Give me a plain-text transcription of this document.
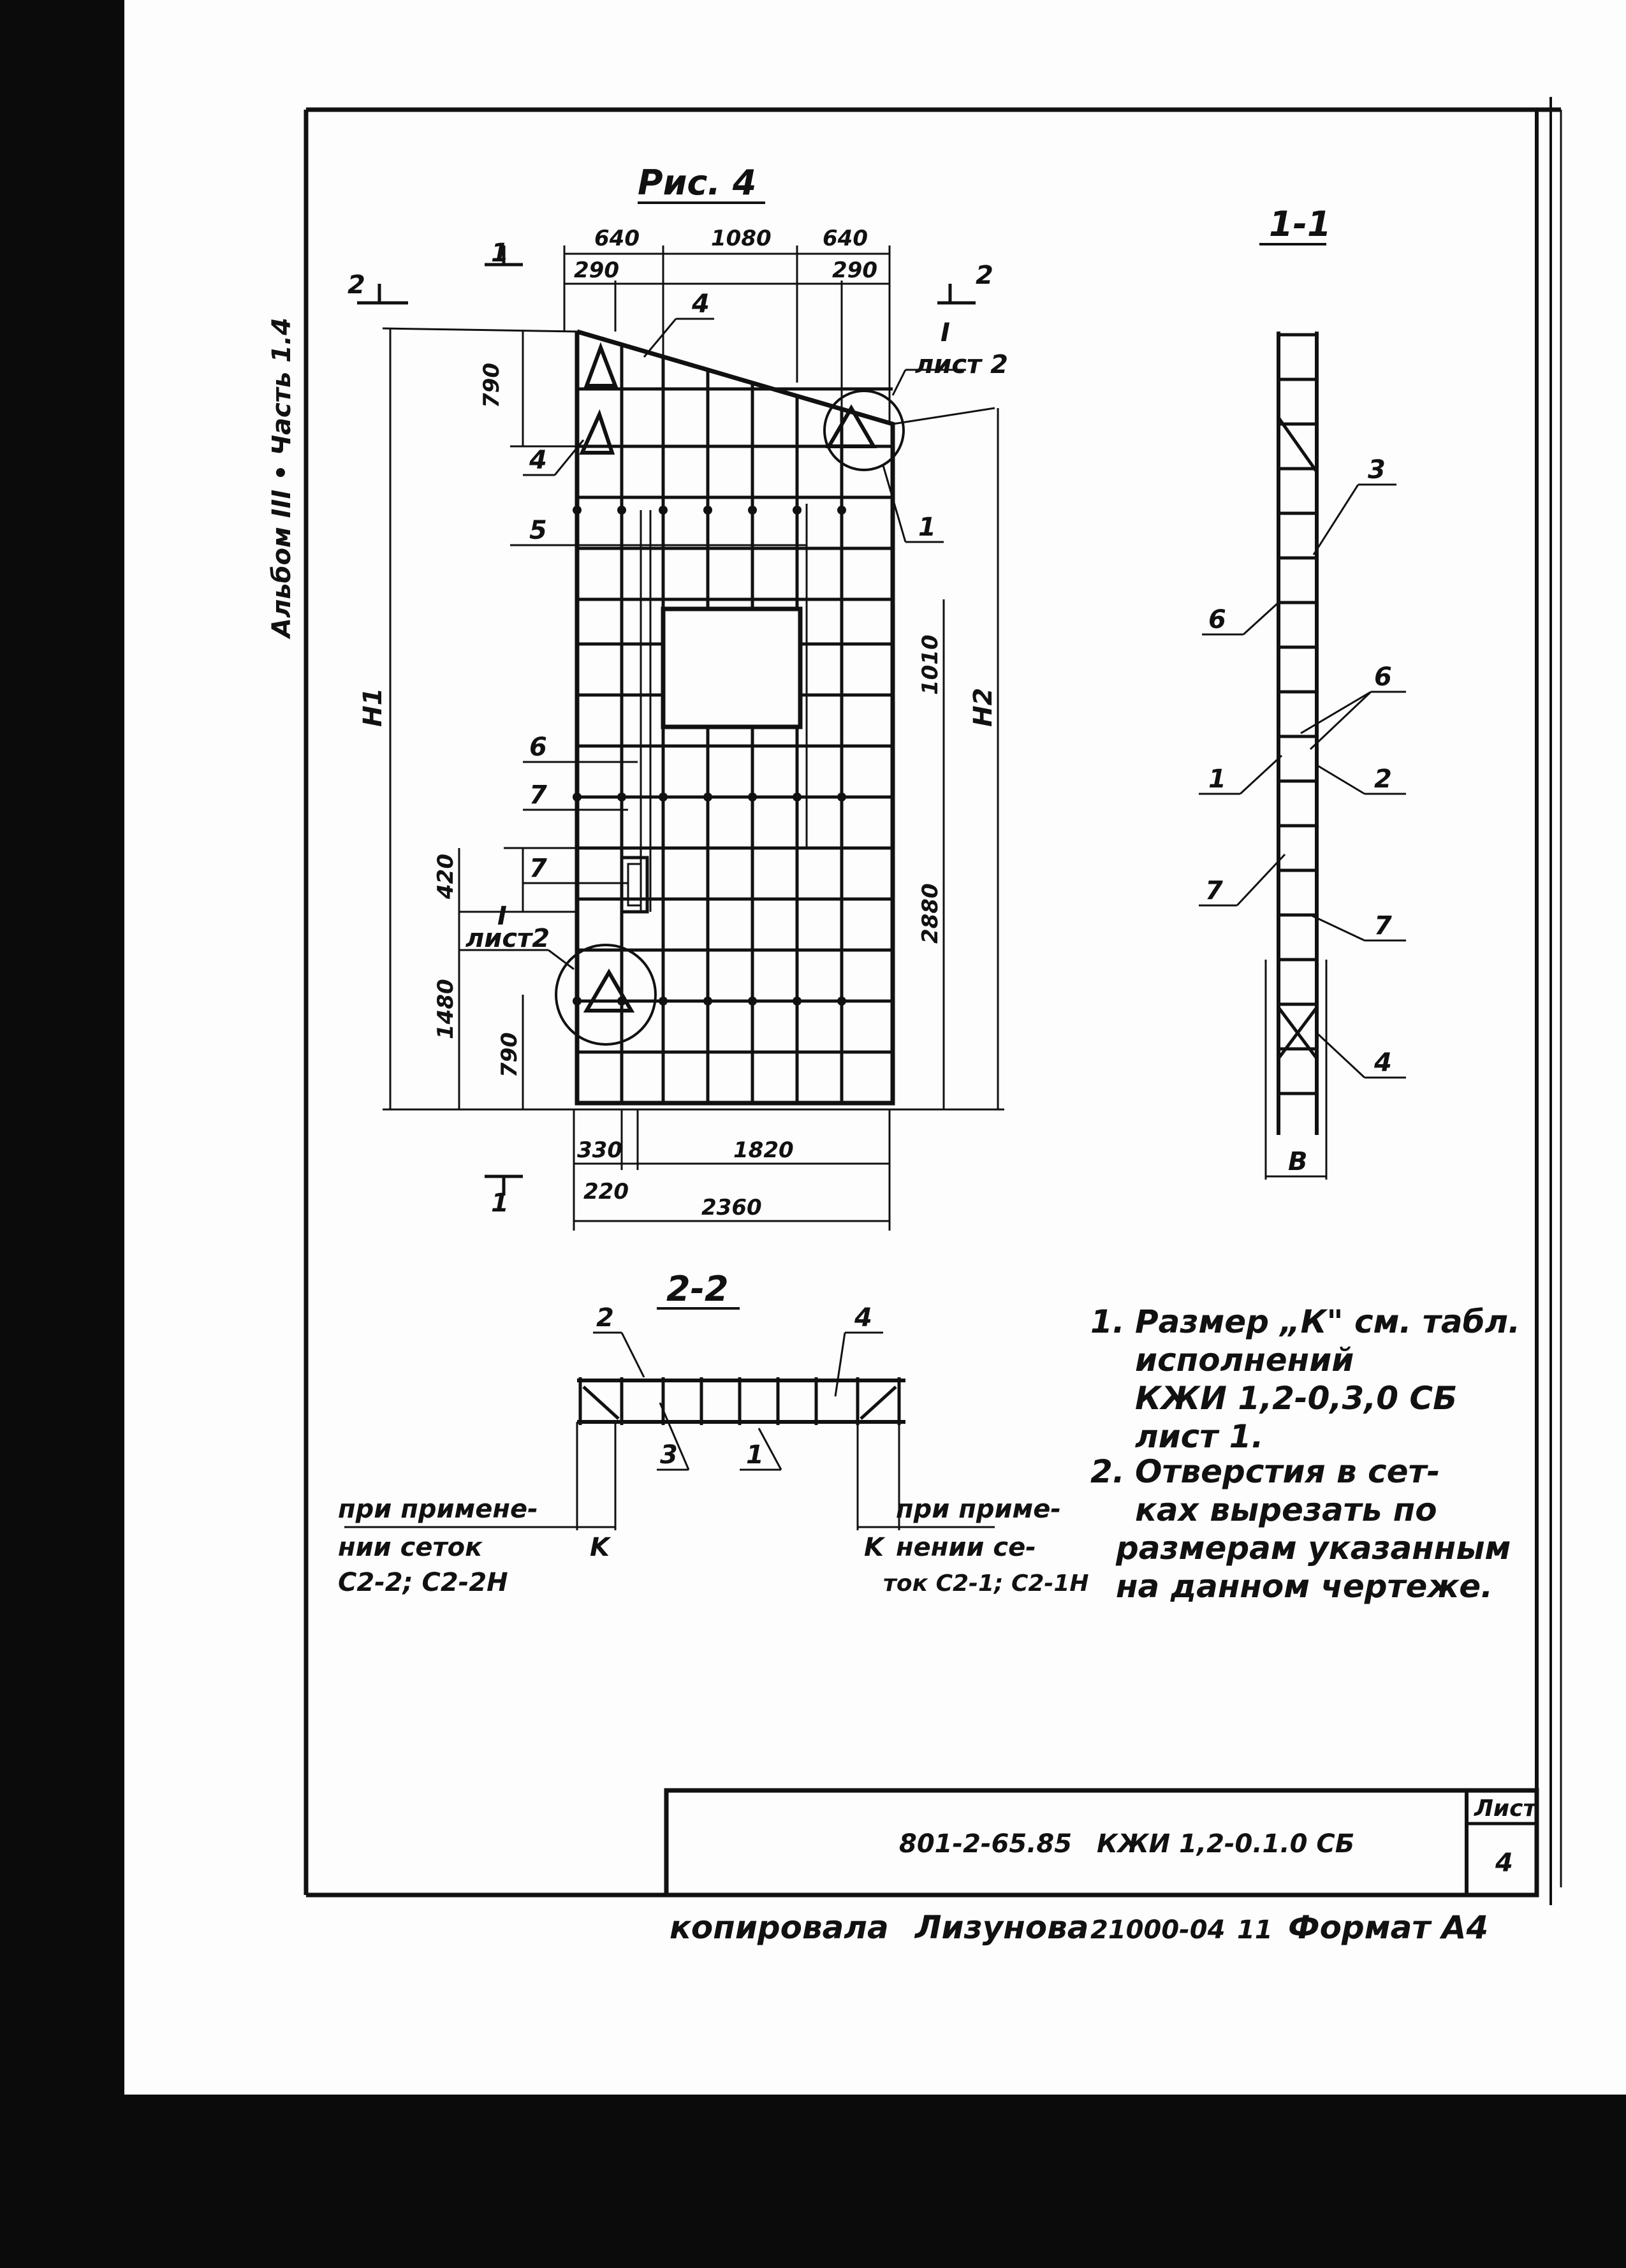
Альбом III • Часть 1.4
Рис. 4
640	1080 640
290	290
1
2	2
1
790
1010
2880
420
1480
790
H1	H2
330	1820
220
2360
4
4
1
5
6
7
7
I
лист 2
I
лист2
1-1
3
6
6
1	2
7
7
4
B
2-2
2	4
3	1
K	K
при примене-
нии сеток
С2-2; С2-2Н
при приме-
нении се-
ток С2-1; С2-1Н
1. Размер „К" см. табл.
исполнений
КЖИ 1,2-0,3,0 СБ
лист 1.
2. Отверстия в сет-
ках вырезать по
размерам указанным
на данном чертеже.
801-2-65.85 КЖИ 1,2-0.1.0 СБ
Лист
4
копировала Лизунова 21000-04 11 Формат А4
